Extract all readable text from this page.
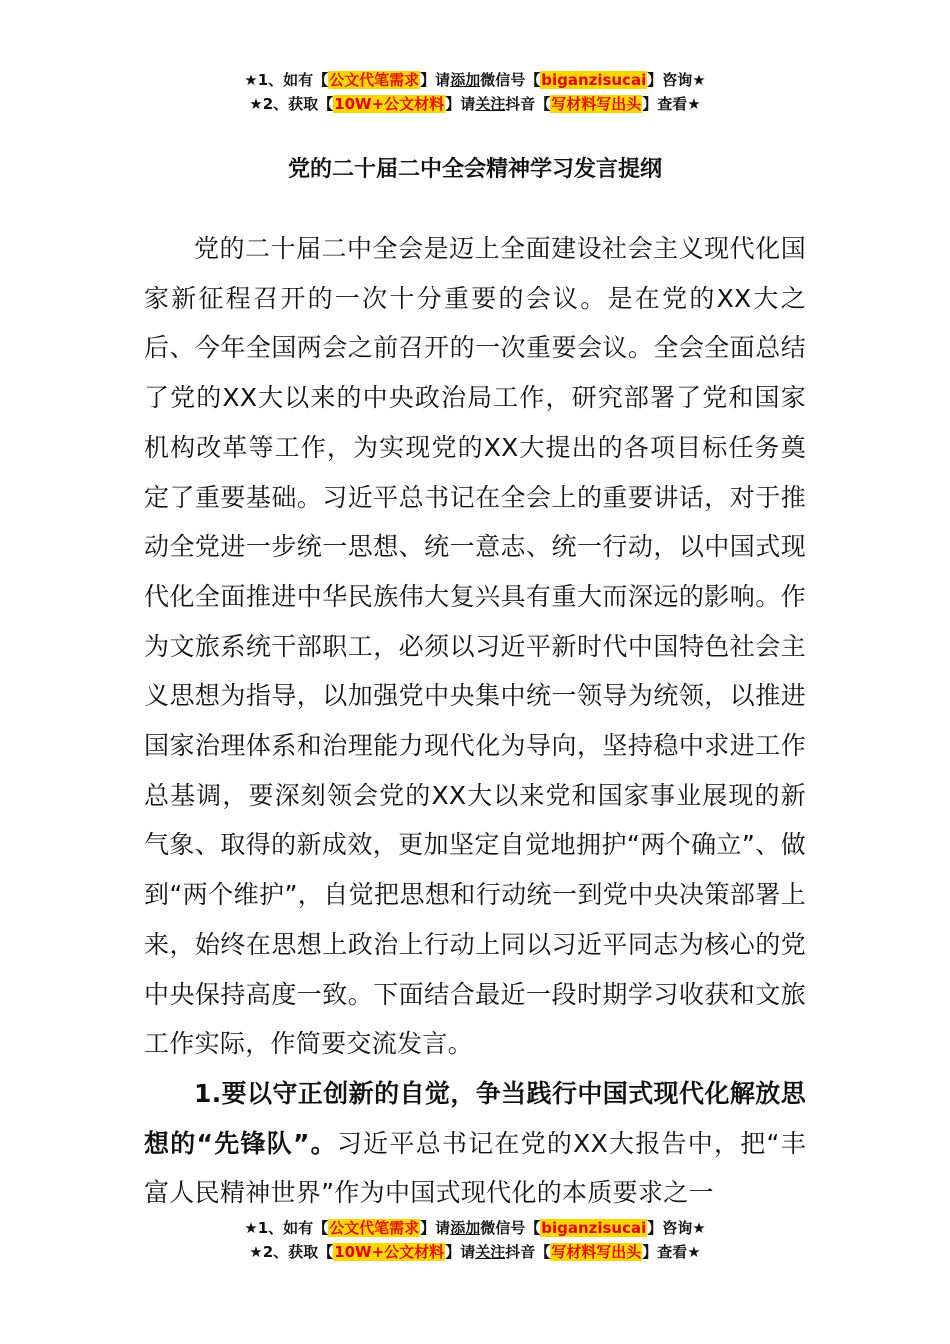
★1、如有【公文代笔需求】请添加微信号【biganzisucai】咨询★
★2、获取【10W+公文材料】请关注抖音【写材料写出头】查看★
党的二十届二中全会精神学习发言提纲

党的二十届二中全会是迈上全面建设社会主义现代化国家新征程召开的一次十分重要的会议。是在党的XX大之后、今年全国两会之前召开的一次重要会议。全会全面总结了党的XX大以来的中央政治局工作，研究部署了党和国家机构改革等工作，为实现党的XX大提出的各项目标任务奠定了重要基础。习近平总书记在全会上的重要讲话，对于推动全党进一步统一思想、统一意志、统一行动，以中国式现代化全面推进中华民族伟大复兴具有重大而深远的影响。作为文旅系统干部职工，必须以习近平新时代中国特色社会主义思想为指导，以加强党中央集中统一领导为统领，以推进国家治理体系和治理能力现代化为导向，坚持稳中求进工作总基调，要深刻领会党的XX大以来党和国家事业展现的新气象、取得的新成效，更加坚定自觉地拥护“两个确立”、做到“两个维护”，自觉把思想和行动统一到党中央决策部署上来，始终在思想上政治上行动上同以习近平同志为核心的党中央保持高度一致。下面结合最近一段时期学习收获和文旅工作实际，作简要交流发言。

1.要以守正创新的自觉，争当践行中国式现代化解放思想的“先锋队”。习近平总书记在党的XX大报告中，把“丰富人民精神世界”作为中国式现代化的本质要求之一

★1、如有【公文代笔需求】请添加微信号【biganzisucai】咨询★
★2、获取【10W+公文材料】请关注抖音【写材料写出头】查看★
